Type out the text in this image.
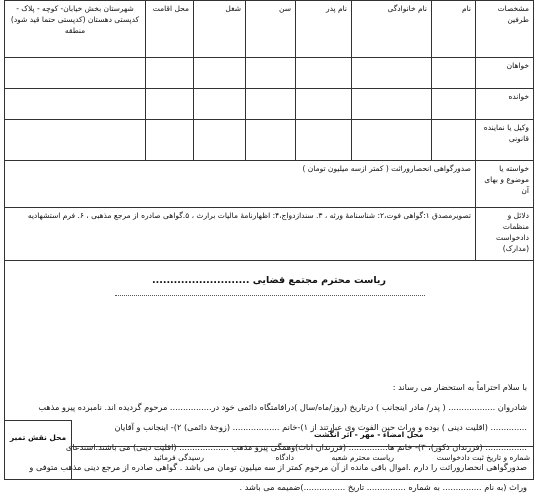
مشخصات طرفین	نام	نام خانوادگی	نام پدر	سن	شغل	محل اقامت	شهرستان بخش خیابان- کوچه - پلاک - کدپستی دهستان (کدپستی حتما قید شود) منطقه
خواهان							
خوانده							
وکیل یا نماینده قانونی							
خواسته یا موضوع و بهای آن	صدورگواهی انحصاروراثت ( کمتر ازسه میلیون تومان )						
دلائل و منظمات دادخواست (مدارک)	تصویرمصدق ۱:گواهی فوت،۲: شناسنامۀ ورثه ، ۳. سندازدواج،۴: اظهارنامۀ مالیات برارث ، ۵.گواهی صادره از مرجع مذهبی ، ۶. فرم استشهادیه						
ریاست محترم مجتمع قضایی ...........................
با سلام احتراماً به استحضار می رساند :
شادروان .................. ( پدر/ مادر اینجانب ) درتاریخ (روز/ماه/سال )درافامتگاه دائمی خود در................ مرحوم گردیده اند. نامبرده پیرو مذهب
.............. (اقلیت دینی ) بوده و ورات حین الفوت وی عبارتند از ۱)-خانم .................. (زوجۀ دائمی) ۲)- اینجانب و آقایان
................ (فرزندان ذکور)، ۳)- خانم ها............... (فرزندان اناث)وهمگی پیرو مذهب ................... (اقلیت دینی) می باشند.استدعای
صدورگواهی انحصاروراثت را دارم .اموال باقی مانده از آن مرحوم کمتر از سه میلیون تومان می باشد . گواهی صادره از مرجع دینی مذهب متوفی و
وراث (به نام ............... به شماره ............... تاریخ ................)ضمیمه می باشد .
محل نقش تمبر	محل امضاء - مهر - اثر انگشت
شماره و تاریخ ثبت دادخواست
ریاست محترم شعبه
دادگاه
رسیدگی فرمائید
